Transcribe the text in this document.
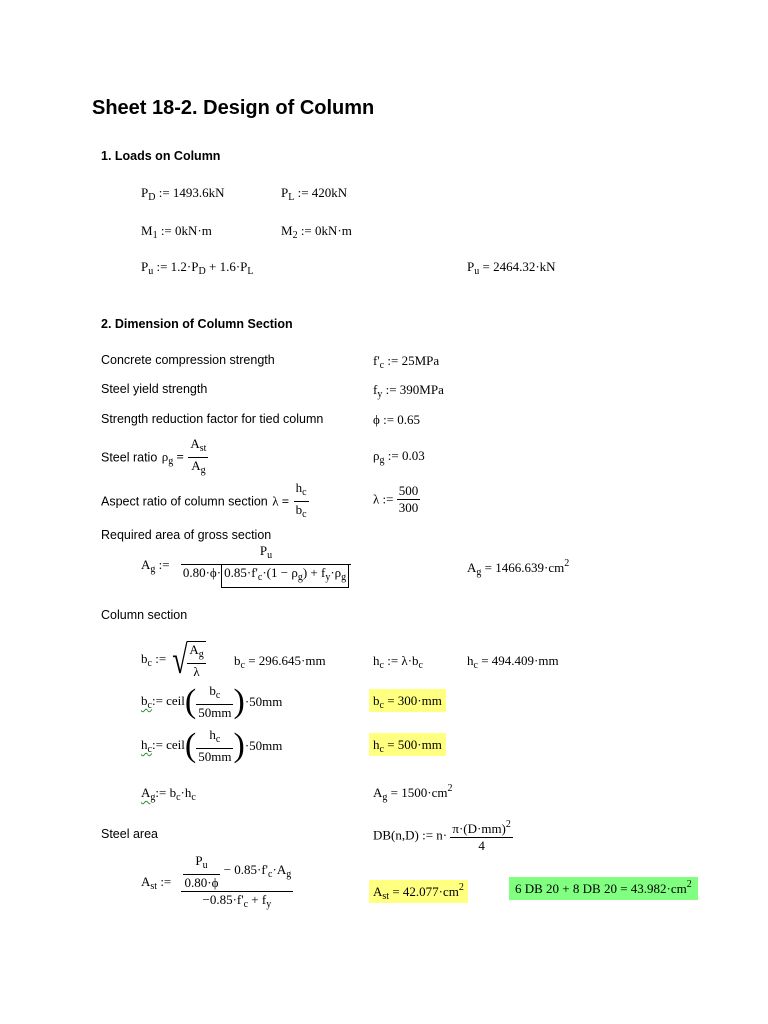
Sheet 18-2. Design of Column
1. Loads on Column
$P_D$ := 1493.6kN	$P_L$ := 420kN
$M_1$ := 0kN·m	$M_2$ := 0kN·m
$P_u$ := $1.2\cdot P_D + 1.6\cdot P_L$	$P_u = 2464.32\cdot kN$
2. Dimension of Column Section
Concrete compression strength	$f'_c$ := 25MPa
Steel yield strength	$f_y$ := 390MPa
Strength reduction factor for tied column	ϕ := 0.65
Steel ratio $\rho_g = \frac{A_{st}}{A_g}$	$\rho_g$ := 0.03
Aspect ratio of column section $\lambda = \frac{h_c}{b_c}$	λ := $\frac{500}{300}$
Required area of gross section
$A_g$ := $\frac{P_u}{0.80\cdot\phi\cdot 0.85\cdot f'_c\cdot(1 - \rho_g) + f_y\cdot\rho_g}$	$A_g = 1466.639\cdot cm^2$
Column section
$b_c$ := √ $\frac{A_g}{\lambda} b_c = 296.645\cdot mm$	$h_c$ := $\lambda\cdot b_c$	$h_c = 494.409\cdot mm$
$b_c:=$ ceil( $\frac{b_c}{50mm} )\cdot 50mm$	$b_c = 300\cdot mm$
$h_c:=$ ceil( $\frac{h_c}{50mm} )\cdot 50mm$	$h_c = 500\cdot mm$
$A_g:= b_c\cdot h_c$	$A_g = 1500\cdot cm^2$
Steel area	DB(n,D) := $n\cdot \frac{\pi\cdot(D\cdot mm)^2}{4}$
$A_{st}$ := $\frac{\frac{P_u}{0.80\cdot\phi} - 0.85\cdot f'_c\cdot A_g}{-0.85\cdot f'_c + f_y}$	$A_{st} = 42.077\cdot cm^2$	6 DB 20 + 8 DB $20 = 43.982\cdot cm^2$
